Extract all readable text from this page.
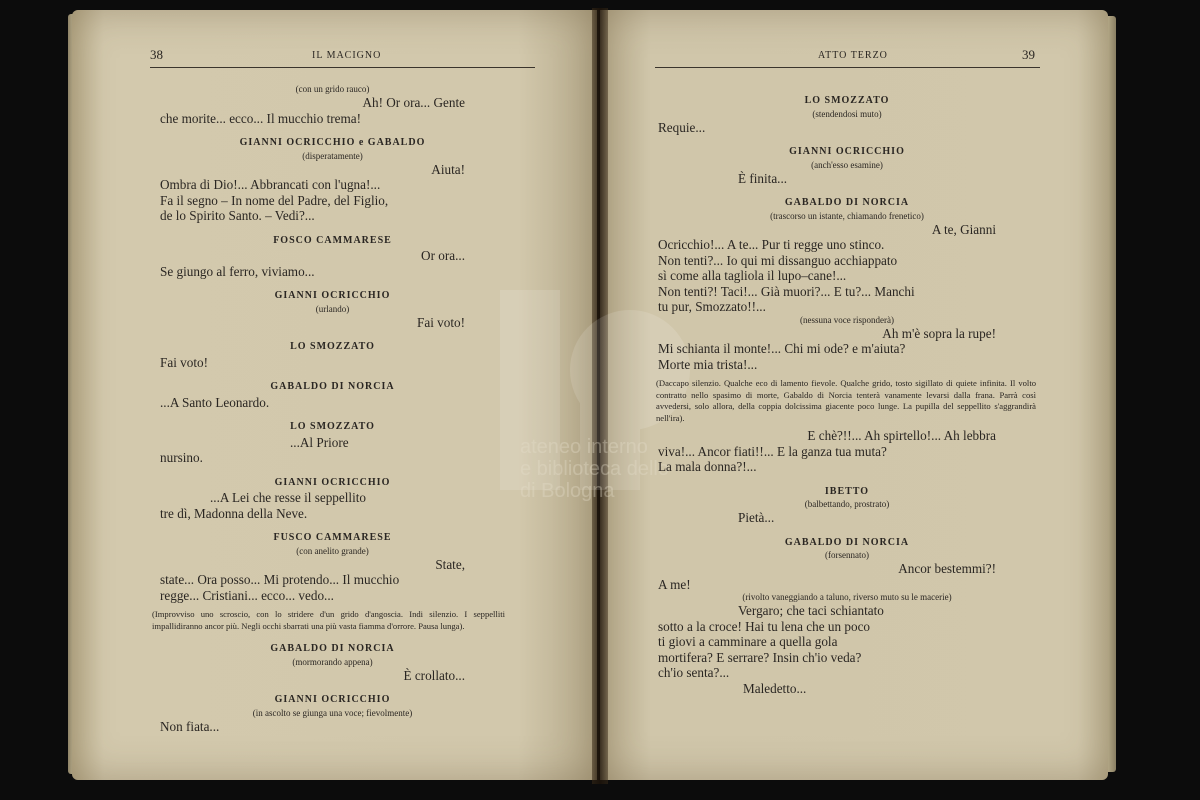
38	IL MACIGNO	ATTO TERZO	39
ateneo interno
e biblioteca dello
di Bologna
(con un grido rauco)
Ah! Or ora... Gente
che morite... ecco... Il mucchio trema!
GIANNI OCRICCHIO e GABALDO
(disperatamente)
Aiuta!
Ombra di Dio!... Abbrancati con l'ugna!...
Fa il segno – In nome del Padre, del Figlio,
de lo Spirito Santo. – Vedi?...
FOSCO CAMMARESE
Or ora...
Se giungo al ferro, viviamo...
GIANNI OCRICCHIO
(urlando)
Fai voto!
LO SMOZZATO
Fai voto!
GABALDO DI NORCIA
...A Santo Leonardo.
LO SMOZZATO
...Al Priore
nursino.
GIANNI OCRICCHIO
...A Lei che resse il seppellito
tre dì, Madonna della Neve.
FUSCO CAMMARESE
(con anelito grande)
State,
state... Ora posso... Mi protendo... Il mucchio
regge... Cristiani... ecco... vedo...
(Improvviso uno scroscio, con lo stridere d'un grido d'angoscia. Indi silenzio. I seppelliti impallidiranno ancor più. Negli occhi sbarrati una più vasta fiamma d'orrore. Pausa lunga).
GABALDO DI NORCIA
(mormorando appena)
È crollato...
GIANNI OCRICCHIO
(in ascolto se giunga una voce; fievolmente)
Non fiata...
LO SMOZZATO
(stendendosi muto)
Requie...
GIANNI OCRICCHIO
(anch'esso esamine)
È finita...
GABALDO DI NORCIA
(trascorso un istante, chiamando frenetico)
A te, Gianni
Ocricchio!... A te... Pur ti regge uno stinco.
Non tenti?... Io qui mi dissanguo acchiappato
sì come alla tagliola il lupo–cane!...
Non tenti?! Taci!... Già muori?... E tu?... Manchi
tu pur, Smozzato!!...
(nessuna voce risponderà)
Ah m'è sopra la rupe!
Mi schianta il monte!... Chi mi ode? e m'aiuta?
Morte mia trista!...
(Daccapo silenzio. Qualche eco di lamento fievole. Qualche grido, tosto sigillato di quiete infinita. Il volto contratto nello spasimo di morte, Gabaldo di Norcia tenterà vanamente levarsi dalla frana. Parrà così avvedersi, solo allora, della coppia dolcissima giacente poco lunge. La pupilla del seppellito s'aggrandirà nell'ira).
E chè?!!... Ah spirtello!... Ah lebbra
viva!... Ancor fiati!!... E la ganza tua muta?
La mala donna?!...
IBETTO
(balbettando, prostrato)
Pietà...
GABALDO DI NORCIA
(forsennato)
Ancor bestemmi?!
A me!
(rivolto vaneggiando a taluno, riverso muto su le macerie)
Vergaro; che taci schiantato
sotto a la croce! Hai tu lena che un poco
ti giovi a camminare a quella gola
mortifera? E serrare? Insin ch'io veda?
ch'io senta?...
Maledetto...
